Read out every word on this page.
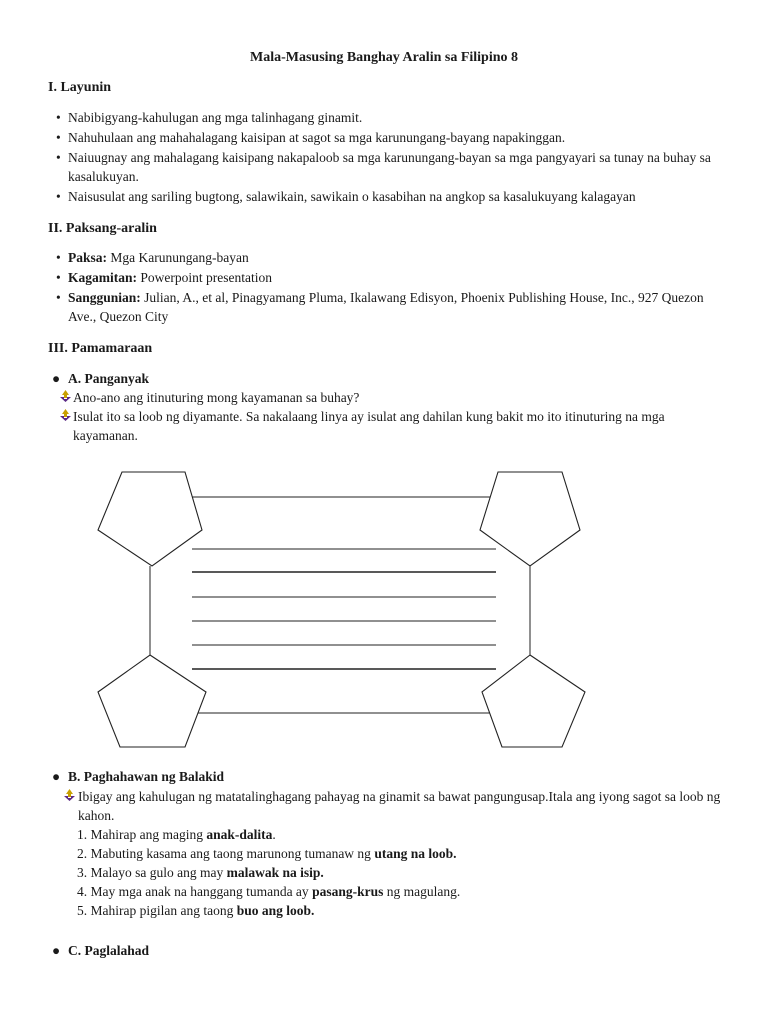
Mala-Masusing Banghay Aralin sa Filipino 8
I. Layunin
• Nabibigyang-kahulugan ang mga talinhagang ginamit.
• Nahuhulaan ang mahahalagang kaisipan at sagot sa mga karunungang-bayang napakinggan.
• Naiuugnay ang mahalagang kaisipang nakapaloob sa mga karunungang-bayan sa mga pangyayari sa tunay na buhay sa kasalukuyan.
• Naisusulat ang sariling bugtong, salawikain, sawikain o kasabihan na angkop sa kasalukuyang kalagayan
II. Paksang-aralin
• Paksa: Mga Karunungang-bayan
• Kagamitan: Powerpoint presentation
• Sanggunian: Julian, A., et al, Pinagyamang Pluma, Ikalawang Edisyon, Phoenix Publishing House, Inc., 927 Quezon Ave., Quezon City
III. Pamamaraan
● A. Panganyak
Ano-ano ang itinuturing mong kayamanan sa buhay?
Isulat ito sa loob ng diyamante. Sa nakalaang linya ay isulat ang dahilan kung bakit mo ito itinuturing na mga kayamanan.
● B. Paghahawan ng Balakid
Ibigay ang kahulugan ng matatalinghagang pahayag na ginamit sa bawat pangungusap.Itala ang iyong sagot sa loob ng kahon.
1. Mahirap ang maging anak-dalita.
2. Mabuting kasama ang taong marunong tumanaw ng utang na loob.
3. Malayo sa gulo ang may malawak na isip.
4. May mga anak na hanggang tumanda ay pasang-krus ng magulang.
5. Mahirap pigilan ang taong buo ang loob.
● C. Paglalahad
